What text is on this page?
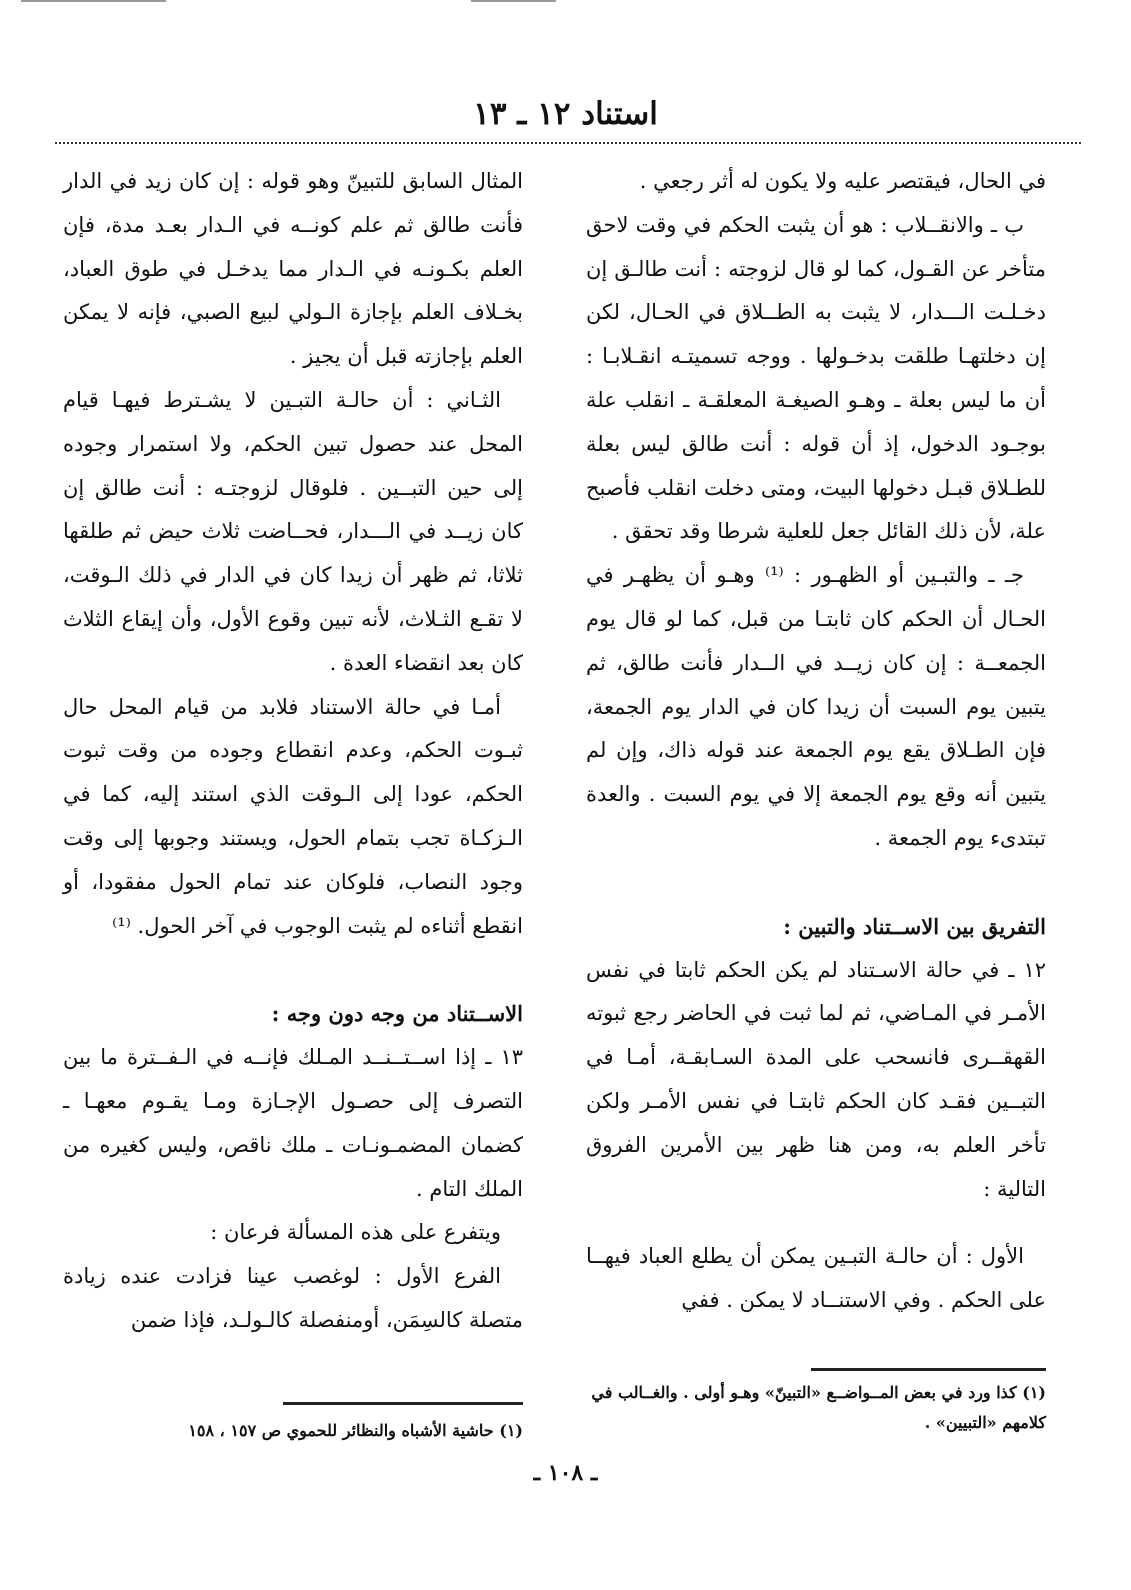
استناد ١٢ ـ ١٣

في الحال، فيقتصر عليه ولا يكون له أثر رجعي .

ب ـ والانقــلاب : هو أن يثبت الحكم في وقت لاحق متأخر عن القـول، كما لو قال لزوجته : أنت طالـق إن دخـلـت الـــدار، لا يثبت به الطــلاق في الحـال، لكن إن دخلتهـا طلقت بدخـولها . ووجه تسميتـه انقـلابـا : أن ما ليس بعلة ـ وهـو الصيغـة المعلقـة ـ انقلب علة بوجـود الدخول، إذ أن قوله : أنت طالق ليس بعلة للطـلاق قبـل دخولها البيت، ومتى دخلت انقلب فأصبح علة، لأن ذلك القائل جعل للعلية شرطا وقد تحقق .

جـ ـ والتبـين أو الظهـور : ⁽¹⁾ وهـو أن يظهـر في الحـال أن الحكم كان ثابتـا من قبل، كما لو قال يوم الجمعــة : إن كان زيــد في الــدار فأنت طالق، ثم يتبين يوم السبت أن زيدا كان في الدار يوم الجمعة، فإن الطـلاق يقع يوم الجمعة عند قوله ذاك، وإن لم يتبين أنه وقع يوم الجمعة إلا في يوم السبت . والعدة تبتدىء يوم الجمعة .

التفريق بين الاســتناد والتبين :

١٢ ـ في حالة الاسـتناد لم يكن الحكم ثابتا في نفس الأمـر في المـاضي، ثم لما ثبت في الحاضر رجع ثبوته القهقــرى فانسحب على المدة السـابقـة، أمـا في التبــين فقـد كان الحكم ثابتـا في نفس الأمـر ولكن تأخر العلم به، ومن هنا ظهر بين الأمرين الفروق التالية :

الأول : أن حالـة التبـين يمكن أن يطلع العباد فيهــا على الحكم . وفي الاستنــاد لا يمكن . ففي

المثال السابق للتبينّ وهو قوله : إن كان زيد في الدار فأنت طالق ثم علم كونــه في الـدار بعـد مدة، فإن العلم بكـونـه في الـدار مما يدخـل في طوق العباد، بخـلاف العلم بإجازة الـولي لبيع الصبي، فإنه لا يمكن العلم بإجازته قبل أن يجيز .

الثـاني : أن حالـة التبـين لا يشـترط فيهـا قيام المحل عند حصول تبين الحكم، ولا استمرار وجوده إلى حين التبــين . فلوقال لزوجتـه : أنت طالق إن كان زيــد في الـــدار، فحــاضت ثلاث حيض ثم طلقها ثلاثا، ثم ظهر أن زيدا كان في الدار في ذلك الـوقت، لا تقـع الثـلاث، لأنه تبين وقوع الأول، وأن إيقاع الثلاث كان بعد انقضاء العدة .

أمـا في حالة الاستناد فلابد من قيام المحل حال ثبـوت الحكم، وعدم انقطاع وجوده من وقت ثبوت الحكم، عودا إلى الـوقت الذي استند إليه، كما في الـزكـاة تجب بتمام الحول، ويستند وجوبها إلى وقت وجود النصاب، فلوكان عند تمام الحول مفقودا، أو انقطع أثناءه لم يثبت الوجوب في آخر الحول. ⁽¹⁾

الاســتناد من وجه دون وجه :

١٣ ـ إذا اســتــنــد المـلك فإنــه في الـفــترة ما بين التصرف إلى حصـول الإجـازة ومـا يقـوم معهـا ـ كضمان المضمـونـات ـ ملك ناقص، وليس كغيره من الملك التام .

ويتفرع على هذه المسألة فرعان :

الفرع الأول : لوغصب عينا فزادت عنده زيادة متصلة كالسِمَن، أومنفصلة كالـولـد، فإذا ضمن

(١) كذا ورد في بعض المــواضــع «التبينّ» وهـو أولى . والغــالب في كلامهم «التبيين» .
(١) حاشية الأشباه والنظائر للحموي ص ١٥٧ ، ١٥٨
ـ ١٠٨ ـ
